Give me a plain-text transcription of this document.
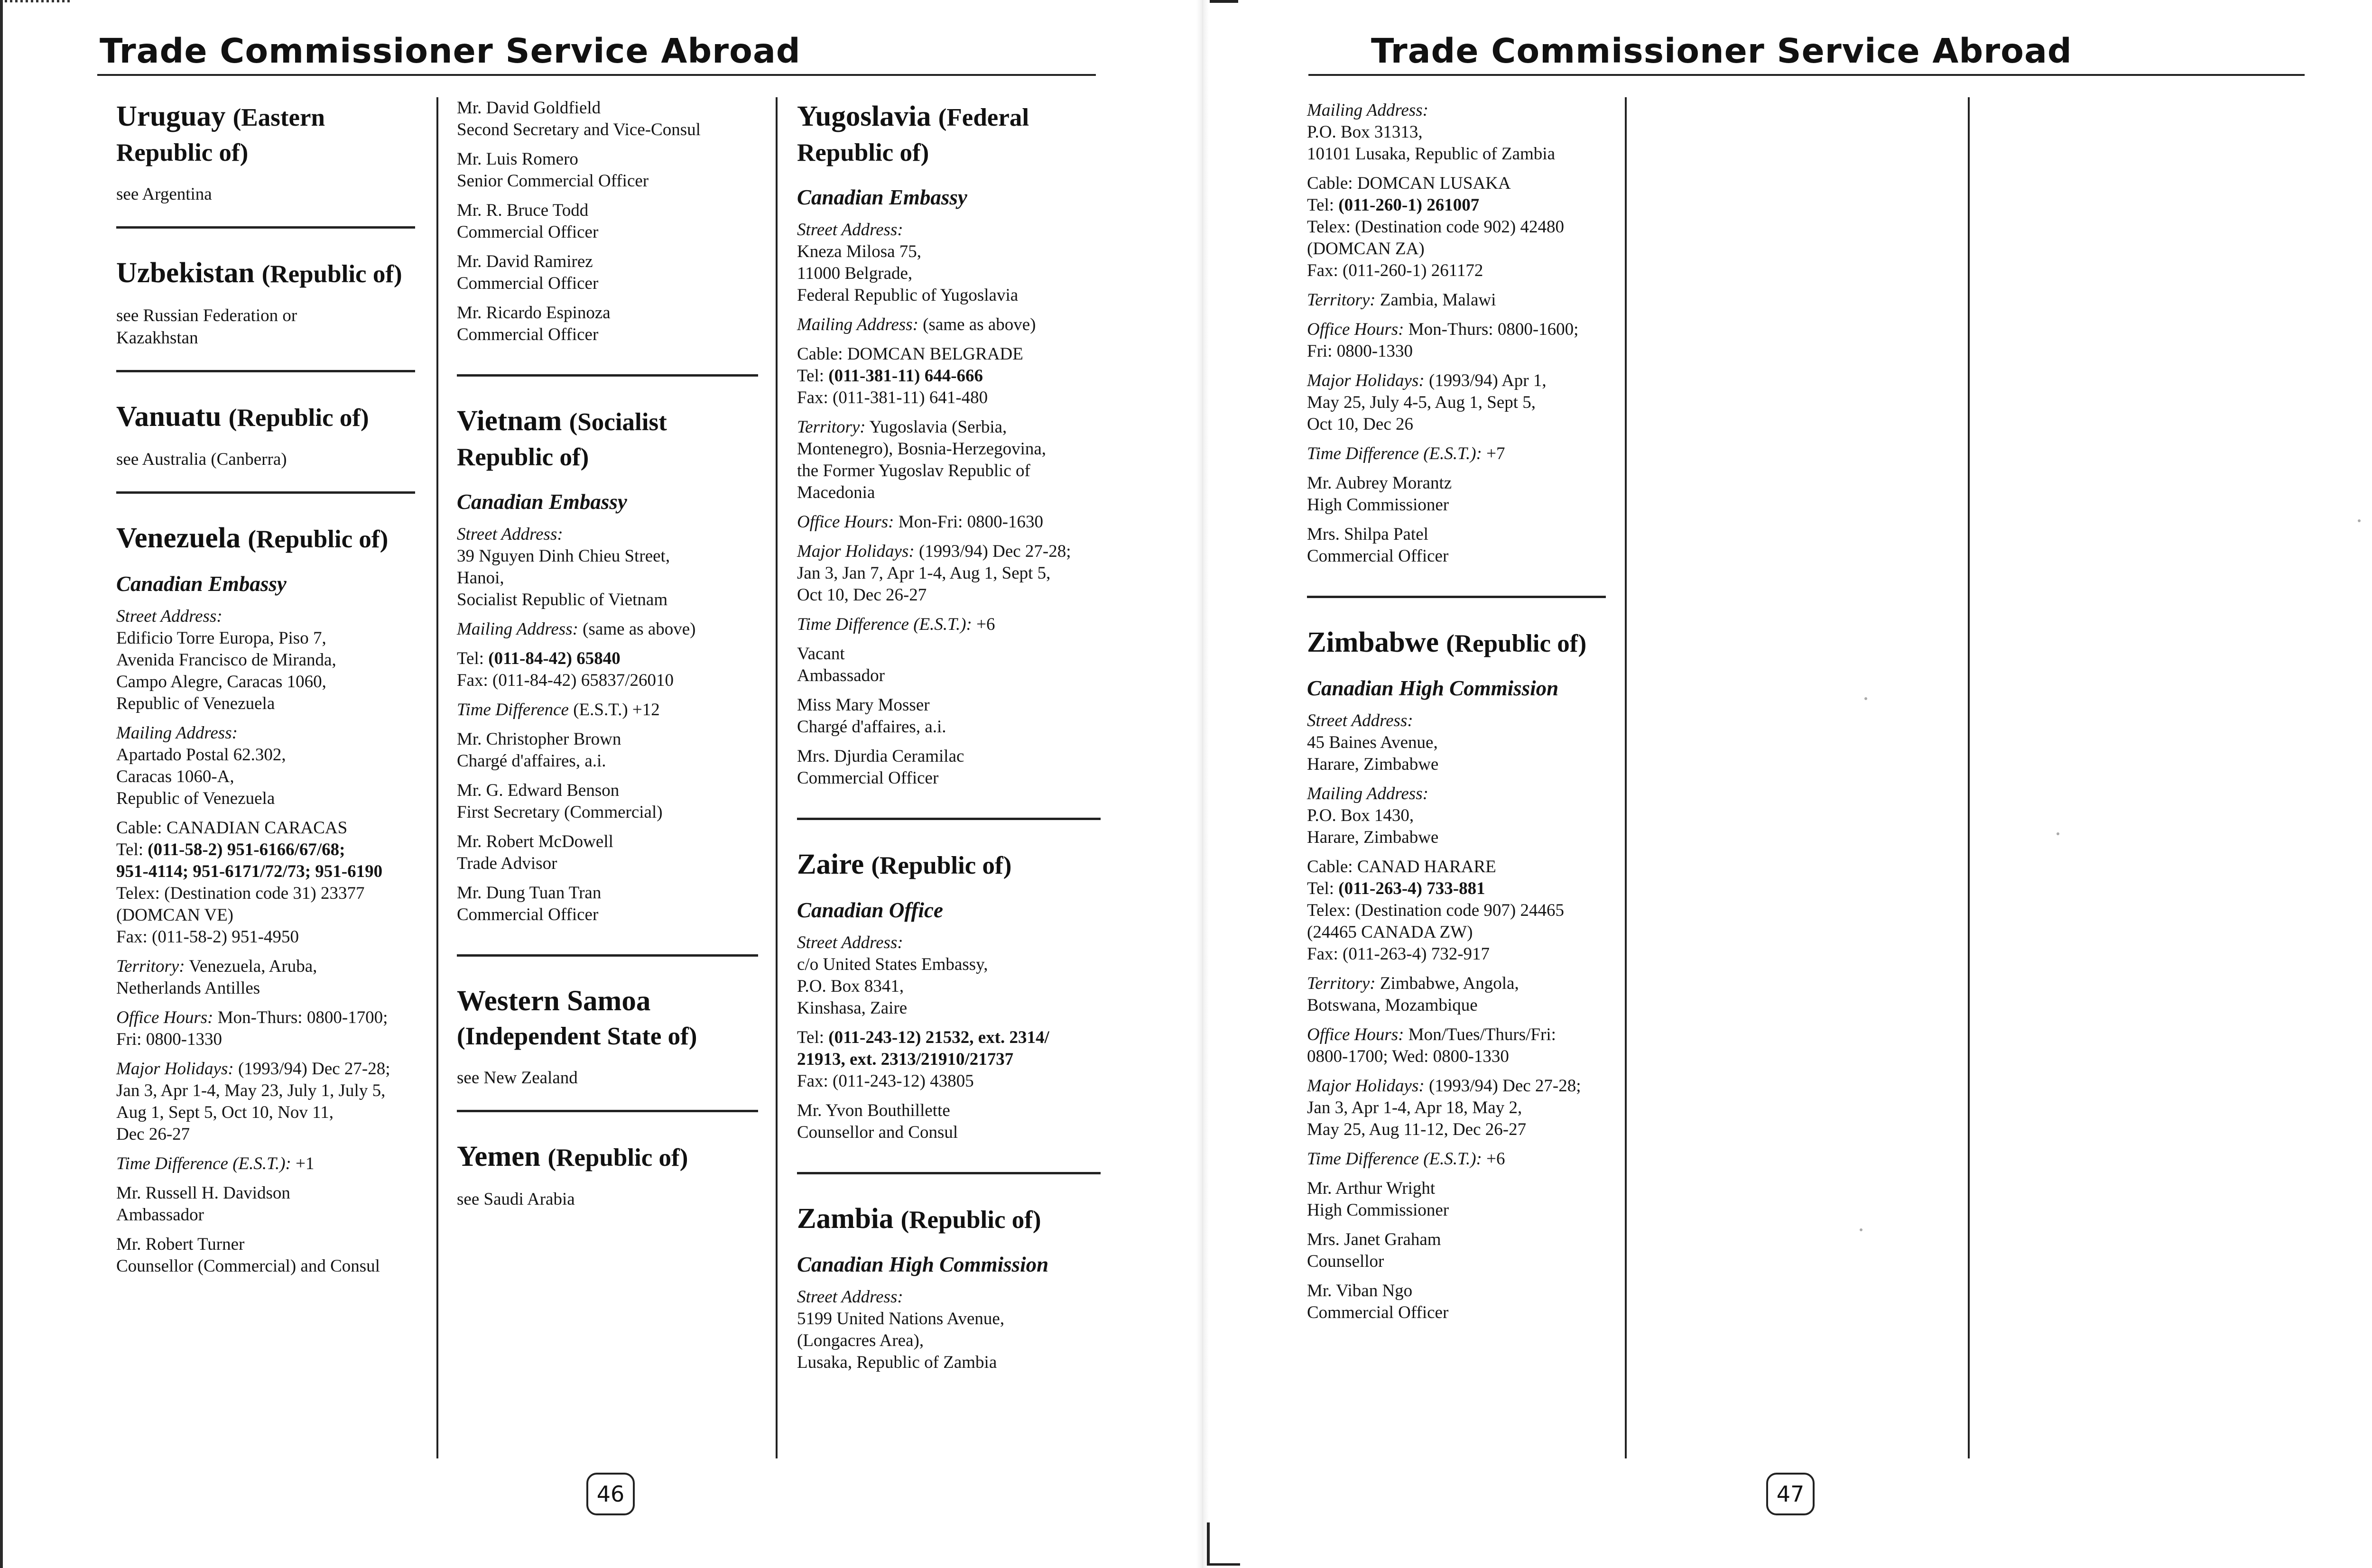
Trade Commissioner Service Abroad
Uruguay (Eastern Republic of)
see Argentina
Uzbekistan (Republic of)
see Russian Federation or
Kazakhstan
Vanuatu (Republic of)
see Australia (Canberra)
Venezuela (Republic of)
Canadian Embassy
Street Address:
Edificio Torre Europa, Piso 7,
Avenida Francisco de Miranda,
Campo Alegre, Caracas 1060,
Republic of Venezuela
Mailing Address:
Apartado Postal 62.302,
Caracas 1060-A,
Republic of Venezuela
Cable: CANADIAN CARACAS
Tel: (011-58-2) 951-6166/67/68;
951-4114; 951-6171/72/73; 951-6190
Telex: (Destination code 31) 23377
(DOMCAN VE)
Fax: (011-58-2) 951-4950
Territory: Venezuela, Aruba,
Netherlands Antilles
Office Hours: Mon-Thurs: 0800-1700;
Fri: 0800-1330
Major Holidays: (1993/94) Dec 27-28;
Jan 3, Apr 1-4, May 23, July 1, July 5,
Aug 1, Sept 5, Oct 10, Nov 11,
Dec 26-27
Time Difference (E.S.T.): +1
Mr. Russell H. Davidson
Ambassador
Mr. Robert Turner
Counsellor (Commercial) and Consul
Mr. David Goldfield
Second Secretary and Vice-Consul
Mr. Luis Romero
Senior Commercial Officer
Mr. R. Bruce Todd
Commercial Officer
Mr. David Ramirez
Commercial Officer
Mr. Ricardo Espinoza
Commercial Officer
Vietnam (Socialist Republic of)
Canadian Embassy
Street Address:
39 Nguyen Dinh Chieu Street,
Hanoi,
Socialist Republic of Vietnam
Mailing Address: (same as above)
Tel: (011-84-42) 65840
Fax: (011-84-42) 65837/26010
Time Difference (E.S.T.) +12
Mr. Christopher Brown
Chargé d'affaires, a.i.
Mr. G. Edward Benson
First Secretary (Commercial)
Mr. Robert McDowell
Trade Advisor
Mr. Dung Tuan Tran
Commercial Officer
Western Samoa (Independent State of)
see New Zealand
Yemen (Republic of)
see Saudi Arabia
Yugoslavia (Federal Republic of)
Canadian Embassy
Street Address:
Kneza Milosa 75,
11000 Belgrade,
Federal Republic of Yugoslavia
Mailing Address: (same as above)
Cable: DOMCAN BELGRADE
Tel: (011-381-11) 644-666
Fax: (011-381-11) 641-480
Territory: Yugoslavia (Serbia,
Montenegro), Bosnia-Herzegovina,
the Former Yugoslav Republic of
Macedonia
Office Hours: Mon-Fri: 0800-1630
Major Holidays: (1993/94) Dec 27-28;
Jan 3, Jan 7, Apr 1-4, Aug 1, Sept 5,
Oct 10, Dec 26-27
Time Difference (E.S.T.): +6
Vacant
Ambassador
Miss Mary Mosser
Chargé d'affaires, a.i.
Mrs. Djurdia Ceramilac
Commercial Officer
Zaire (Republic of)
Canadian Office
Street Address:
c/o United States Embassy,
P.O. Box 8341,
Kinshasa, Zaire
Tel: (011-243-12) 21532, ext. 2314/
21913, ext. 2313/21910/21737
Fax: (011-243-12) 43805
Mr. Yvon Bouthillette
Counsellor and Consul
Zambia (Republic of)
Canadian High Commission
Street Address:
5199 United Nations Avenue,
(Longacres Area),
Lusaka, Republic of Zambia
46
Trade Commissioner Service Abroad
Mailing Address:
P.O. Box 31313,
10101 Lusaka, Republic of Zambia
Cable: DOMCAN LUSAKA
Tel: (011-260-1) 261007
Telex: (Destination code 902) 42480
(DOMCAN ZA)
Fax: (011-260-1) 261172
Territory: Zambia, Malawi
Office Hours: Mon-Thurs: 0800-1600;
Fri: 0800-1330
Major Holidays: (1993/94) Apr 1,
May 25, July 4-5, Aug 1, Sept 5,
Oct 10, Dec 26
Time Difference (E.S.T.): +7
Mr. Aubrey Morantz
High Commissioner
Mrs. Shilpa Patel
Commercial Officer
Zimbabwe (Republic of)
Canadian High Commission
Street Address:
45 Baines Avenue,
Harare, Zimbabwe
Mailing Address:
P.O. Box 1430,
Harare, Zimbabwe
Cable: CANAD HARARE
Tel: (011-263-4) 733-881
Telex: (Destination code 907) 24465
(24465 CANADA ZW)
Fax: (011-263-4) 732-917
Territory: Zimbabwe, Angola,
Botswana, Mozambique
Office Hours: Mon/Tues/Thurs/Fri:
0800-1700; Wed: 0800-1330
Major Holidays: (1993/94) Dec 27-28;
Jan 3, Apr 1-4, Apr 18, May 2,
May 25, Aug 11-12, Dec 26-27
Time Difference (E.S.T.): +6
Mr. Arthur Wright
High Commissioner
Mrs. Janet Graham
Counsellor
Mr. Viban Ngo
Commercial Officer
47
